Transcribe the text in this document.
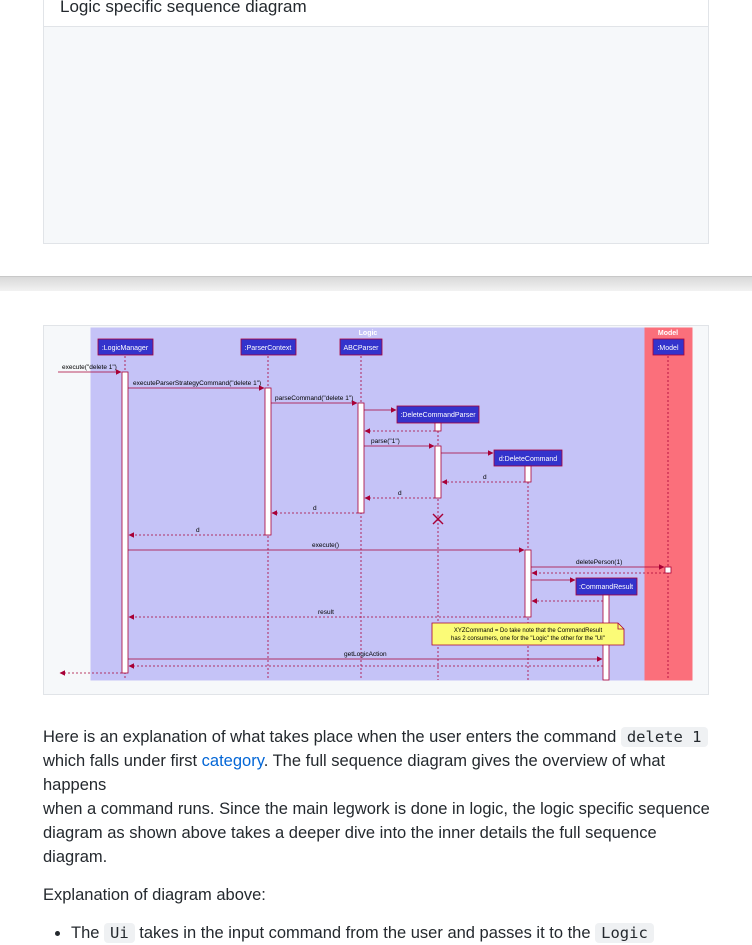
Logic specific sequence diagram
Logic	Model
:LogicManager	:ParserContext	ABCParser
:DeleteCommandParser
d:DeleteCommand
:Model
:CommandResult
execute("delete 1")
executeParserStrategyCommand("delete 1")
parseCommand("delete 1")
parse("1")
d
d
d
d
execute()
deletePerson(1)
result
getLogicAction
XYZCommand = Do take note that the CommandResult
has 2 consumers, one for the "Logic" the other for the "UI"

Here is an explanation of what takes place when the user enters the command delete 1
which falls under first category. The full sequence diagram gives the overview of what happens
when a command runs. Since the main legwork is done in logic, the logic specific sequence
diagram as shown above takes a deeper dive into the inner details the full sequence diagram.

Explanation of diagram above:

• The Ui takes in the input command from the user and passes it to the Logic
